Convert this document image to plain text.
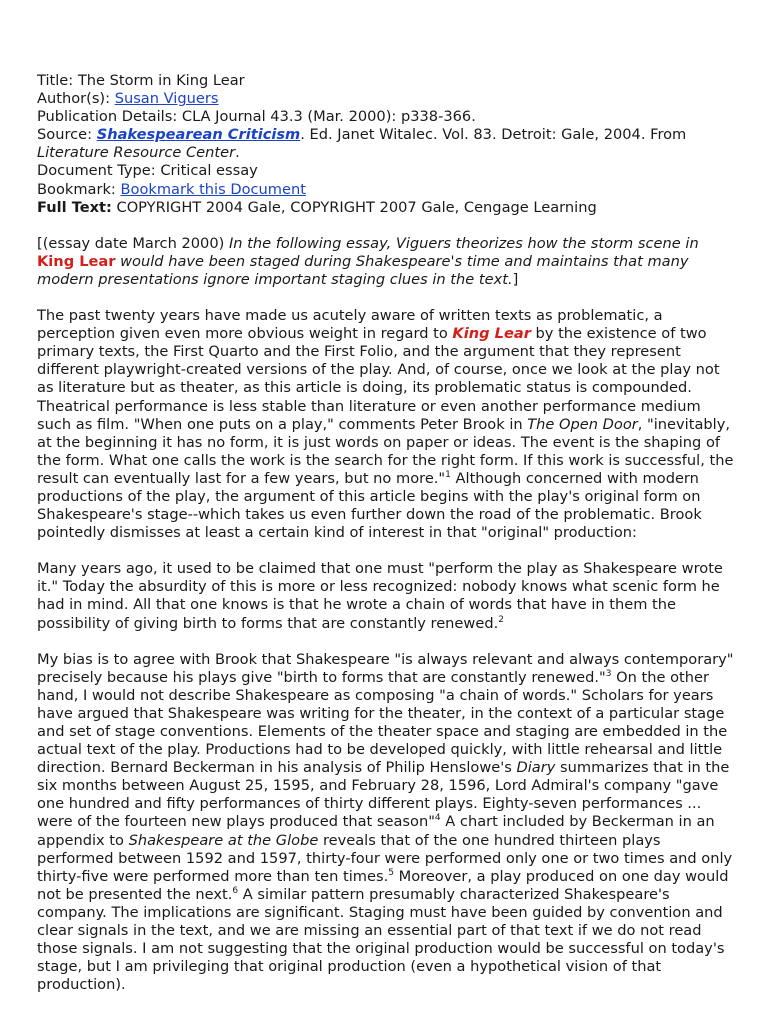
Title: The Storm in King Lear
Author(s): Susan Viguers
Publication Details: CLA Journal 43.3 (Mar. 2000): p338-366.
Source: Shakespearean Criticism. Ed. Janet Witalec. Vol. 83. Detroit: Gale, 2004. From Literature Resource Center.
Document Type: Critical essay
Bookmark: Bookmark this Document
Full Text: COPYRIGHT 2004 Gale, COPYRIGHT 2007 Gale, Cengage Learning

[(essay date March 2000) In the following essay, Viguers theorizes how the storm scene in King Lear would have been staged during Shakespeare's time and maintains that many modern presentations ignore important staging clues in the text.]

The past twenty years have made us acutely aware of written texts as problematic, a perception given even more obvious weight in regard to King Lear by the existence of two primary texts, the First Quarto and the First Folio, and the argument that they represent different playwright-created versions of the play. And, of course, once we look at the play not as literature but as theater, as this article is doing, its problematic status is compounded. Theatrical performance is less stable than literature or even another performance medium such as film. "When one puts on a play," comments Peter Brook in The Open Door, "inevitably, at the beginning it has no form, it is just words on paper or ideas. The event is the shaping of the form. What one calls the work is the search for the right form. If this work is successful, the result can eventually last for a few years, but no more."$^1$ Although concerned with modern productions of the play, the argument of this article begins with the play's original form on Shakespeare's stage--which takes us even further down the road of the problematic. Brook pointedly dismisses at least a certain kind of interest in that "original" production:

Many years ago, it used to be claimed that one must "perform the play as Shakespeare wrote it." Today the absurdity of this is more or less recognized: nobody knows what scenic form he had in mind. All that one knows is that he wrote a chain of words that have in them the possibility of giving birth to forms that are constantly renewed.$^2$

My bias is to agree with Brook that Shakespeare "is always relevant and always contemporary" precisely because his plays give "birth to forms that are constantly renewed."$^3$ On the other hand, I would not describe Shakespeare as composing "a chain of words." Scholars for years have argued that Shakespeare was writing for the theater, in the context of a particular stage and set of stage conventions. Elements of the theater space and staging are embedded in the actual text of the play. Productions had to be developed quickly, with little rehearsal and little direction. Bernard Beckerman in his analysis of Philip Henslowe's Diary summarizes that in the six months between August 25, 1595, and February 28, 1596, Lord Admiral's company "gave one hundred and fifty performances of thirty different plays. Eighty-seven performances ... were of the fourteen new plays produced that season"$^4$ A chart included by Beckerman in an appendix to Shakespeare at the Globe reveals that of the one hundred thirteen plays performed between 1592 and 1597, thirty-four were performed only one or two times and only thirty-five were performed more than ten times.$^5$ Moreover, a play produced on one day would not be presented the next.$^6$ A similar pattern presumably characterized Shakespeare's company. The implications are significant. Staging must have been guided by convention and clear signals in the text, and we are missing an essential part of that text if we do not read those signals. I am not suggesting that the original production would be successful on today's stage, but I am privileging that original production (even a hypothetical vision of that production).
